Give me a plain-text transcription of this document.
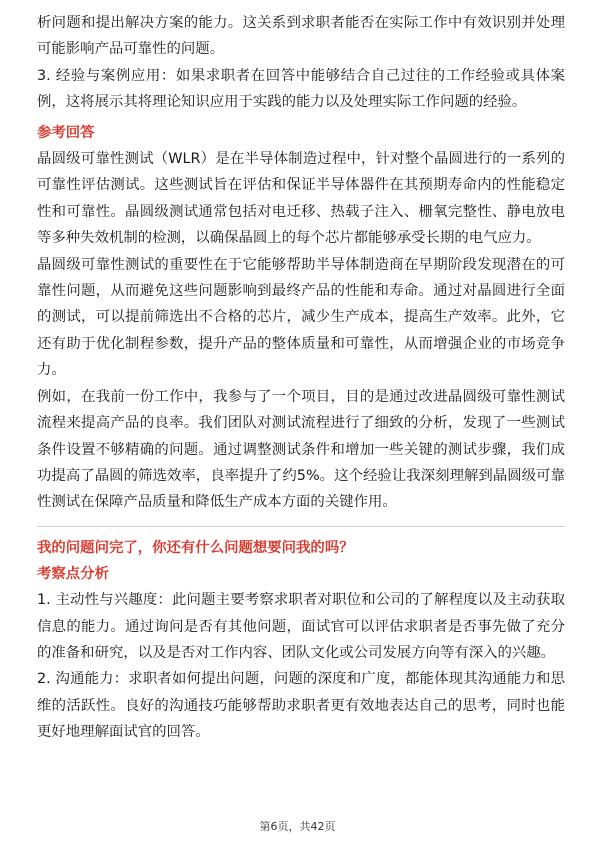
析问题和提出解决方案的能力。这关系到求职者能否在实际工作中有效识别并处理可能影响产品可靠性的问题。

3. 经验与案例应用：如果求职者在回答中能够结合自己过往的工作经验或具体案例，这将展示其将理论知识应用于实践的能力以及处理实际工作问题的经验。

参考回答

晶圆级可靠性测试（WLR）是在半导体制造过程中，针对整个晶圆进行的一系列的可靠性评估测试。这些测试旨在评估和保证半导体器件在其预期寿命内的性能稳定性和可靠性。晶圆级测试通常包括对电迁移、热载子注入、栅氧完整性、静电放电等多种失效机制的检测，以确保晶圆上的每个芯片都能够承受长期的电气应力。

晶圆级可靠性测试的重要性在于它能够帮助半导体制造商在早期阶段发现潜在的可靠性问题，从而避免这些问题影响到最终产品的性能和寿命。通过对晶圆进行全面的测试，可以提前筛选出不合格的芯片，减少生产成本，提高生产效率。此外，它还有助于优化制程参数，提升产品的整体质量和可靠性，从而增强企业的市场竞争力。

例如，在我前一份工作中，我参与了一个项目，目的是通过改进晶圆级可靠性测试流程来提高产品的良率。我们团队对测试流程进行了细致的分析，发现了一些测试条件设置不够精确的问题。通过调整测试条件和增加一些关键的测试步骤，我们成功提高了晶圆的筛选效率，良率提升了约5%。这个经验让我深刻理解到晶圆级可靠性测试在保障产品质量和降低生产成本方面的关键作用。

我的问题问完了，你还有什么问题想要问我的吗？

考察点分析

1. 主动性与兴趣度：此问题主要考察求职者对职位和公司的了解程度以及主动获取信息的能力。通过询问是否有其他问题，面试官可以评估求职者是否事先做了充分的准备和研究，以及是否对工作内容、团队文化或公司发展方向等有深入的兴趣。

2. 沟通能力：求职者如何提出问题，问题的深度和广度，都能体现其沟通能力和思维的活跃性。良好的沟通技巧能够帮助求职者更有效地表达自己的思考，同时也能更好地理解面试官的回答。

第6页，共42页
